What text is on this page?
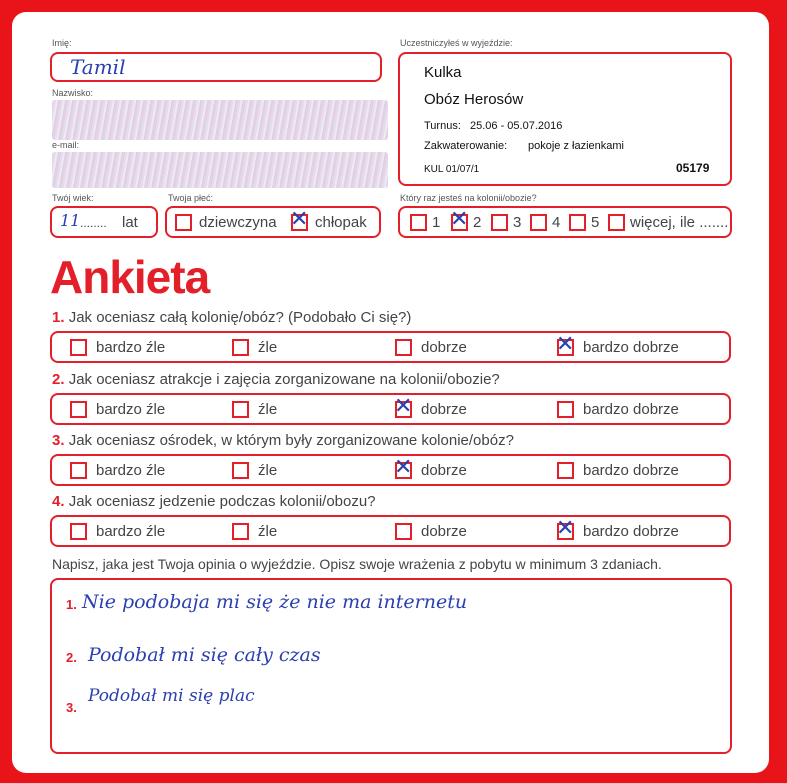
Imię:
Tamil
Nazwisko:
e-mail:
Twój wiek:
11 ........ lat
Twoja płeć:
dziewczyna ✕ chłopak
Uczestniczyłeś w wyjeździe:
Kulka
Obóz Herosów
Turnus: 25.06 - 05.07.2016
Zakwaterowanie: pokoje z łazienkami
KUL 01/07/1	05179
Który raz jesteś na kolonii/obozie?
1 ✕ 2 3 4 5 więcej, ile .......
Ankieta
1. Jak oceniasz całą kolonię/obóz? (Podobało Ci się?)
bardzo źle	źle	dobrze	✕ bardzo dobrze
2. Jak oceniasz atrakcje i zajęcia zorganizowane na kolonii/obozie?
bardzo źle	źle	✕ dobrze	bardzo dobrze
3. Jak oceniasz ośrodek, w którym były zorganizowane kolonie/obóz?
bardzo źle	źle	✕ dobrze	bardzo dobrze
4. Jak oceniasz jedzenie podczas kolonii/obozu?
bardzo źle	źle	dobrze	✕ bardzo dobrze
Napisz, jaka jest Twoja opinia o wyjeździe. Opisz swoje wrażenia z pobytu w minimum 3 zdaniach.
1. Nie podobaja mi się że nie ma internetu
2. Podobał mi się cały czas
3.
Podobał mi się plac
